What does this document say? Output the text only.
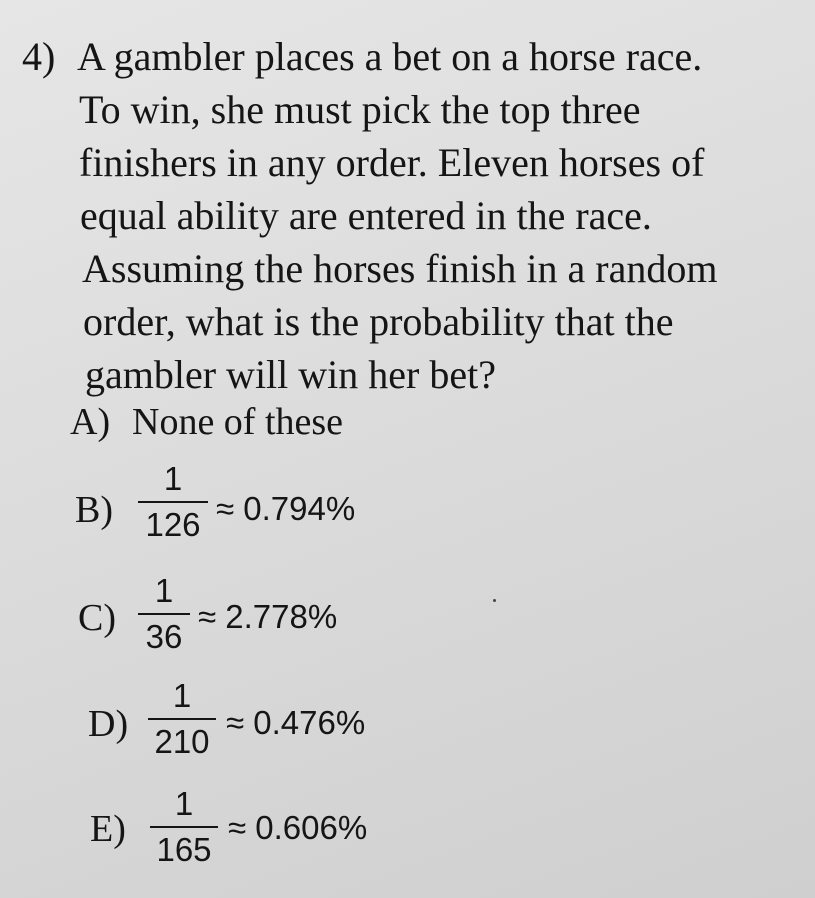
4) A gambler places a bet on a horse race.
To win, she must pick the top three
finishers in any order. Eleven horses of
equal ability are entered in the race.
Assuming the horses finish in a random
order, what is the probability that the
gambler will win her bet?
A) None of these
B)
1
126 ≈ 0.794%
C)
1
36
≈ 2.778%
D)
1
210
≈ 0.476%
E)
1
165
≈ 0.606%
